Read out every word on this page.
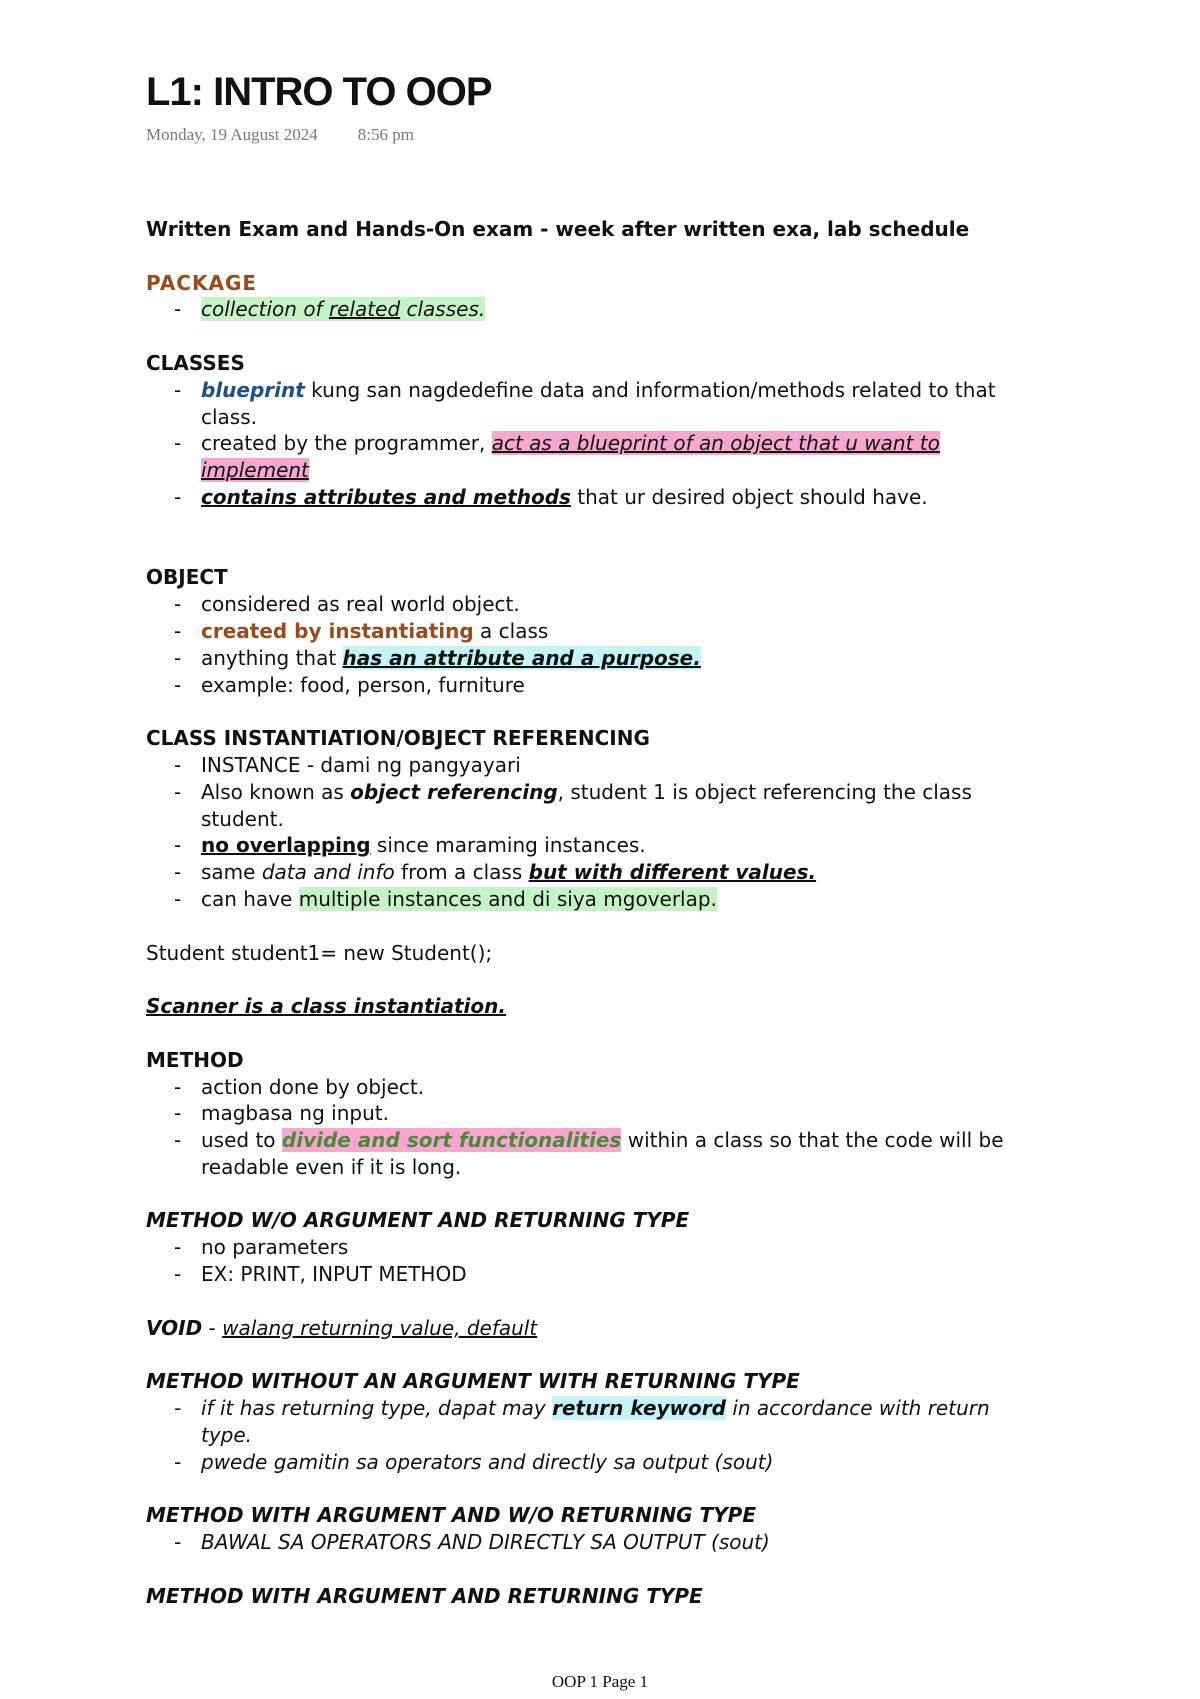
L1: INTRO TO OOP
Monday, 19 August 2024 8:56 pm
Written Exam and Hands-On exam - week after written exa, lab schedule
PACKAGE
- collection of related classes.
CLASSES
- blueprint kung san nagdedefine data and information/methods related to that
class.
- created by the programmer, act as a blueprint of an object that u want to
implement
- contains attributes and methods that ur desired object should have.
OBJECT
- considered as real world object.
- created by instantiating a class
- anything that has an attribute and a purpose.
- example: food, person, furniture
CLASS INSTANTIATION/OBJECT REFERENCING
- INSTANCE - dami ng pangyayari
- Also known as object referencing, student 1 is object referencing the class
student.
- no overlapping since maraming instances.
- same data and info from a class but with different values.
- can have multiple instances and di siya mgoverlap.
Student student1= new Student();
Scanner is a class instantiation.
METHOD
- action done by object.
- magbasa ng input.
- used to divide and sort functionalities within a class so that the code will be
readable even if it is long.
METHOD W/O ARGUMENT AND RETURNING TYPE
- no parameters
- EX: PRINT, INPUT METHOD
VOID - walang returning value, default
METHOD WITHOUT AN ARGUMENT WITH RETURNING TYPE
- if it has returning type, dapat may return keyword in accordance with return
type.
- pwede gamitin sa operators and directly sa output (sout)
METHOD WITH ARGUMENT AND W/O RETURNING TYPE
- BAWAL SA OPERATORS AND DIRECTLY SA OUTPUT (sout)
METHOD WITH ARGUMENT AND RETURNING TYPE
OOP 1 Page 1
